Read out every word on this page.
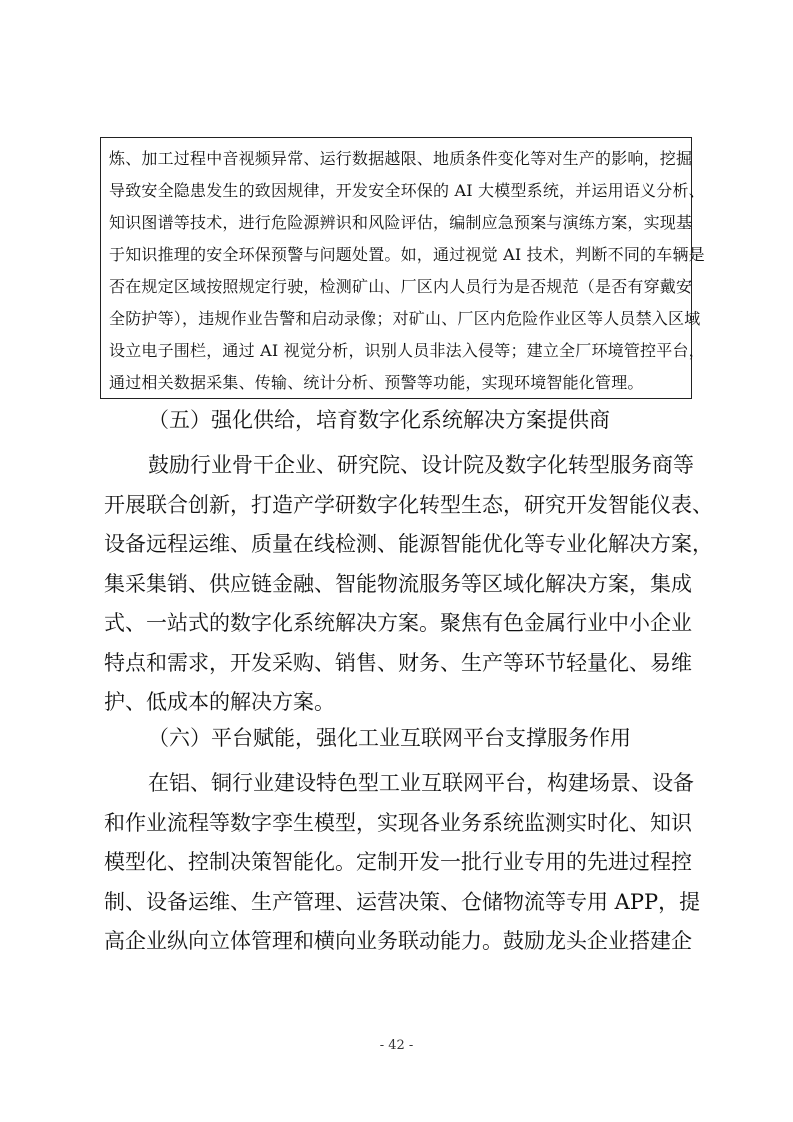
炼、加工过程中音视频异常、运行数据越限、地质条件变化等对生产的影响，挖掘
导致安全隐患发生的致因规律，开发安全环保的 AI 大模型系统，并运用语义分析、
知识图谱等技术，进行危险源辨识和风险评估，编制应急预案与演练方案，实现基
于知识推理的安全环保预警与问题处置。如，通过视觉 AI 技术，判断不同的车辆是
否在规定区域按照规定行驶，检测矿山、厂区内人员行为是否规范（是否有穿戴安
全防护等），违规作业告警和启动录像；对矿山、厂区内危险作业区等人员禁入区域
设立电子围栏，通过 AI 视觉分析，识别人员非法入侵等；建立全厂环境管控平台，
通过相关数据采集、传输、统计分析、预警等功能，实现环境智能化管理。
（五）强化供给，培育数字化系统解决方案提供商
鼓励行业骨干企业、研究院、设计院及数字化转型服务商等
开展联合创新，打造产学研数字化转型生态，研究开发智能仪表、
设备远程运维、质量在线检测、能源智能优化等专业化解决方案，
集采集销、供应链金融、智能物流服务等区域化解决方案，集成
式、一站式的数字化系统解决方案。聚焦有色金属行业中小企业
特点和需求，开发采购、销售、财务、生产等环节轻量化、易维
护、低成本的解决方案。
（六）平台赋能，强化工业互联网平台支撑服务作用
在铝、铜行业建设特色型工业互联网平台，构建场景、设备
和作业流程等数字孪生模型，实现各业务系统监测实时化、知识
模型化、控制决策智能化。定制开发一批行业专用的先进过程控
制、设备运维、生产管理、运营决策、仓储物流等专用 APP，提
高企业纵向立体管理和横向业务联动能力。鼓励龙头企业搭建企
- 42 -
